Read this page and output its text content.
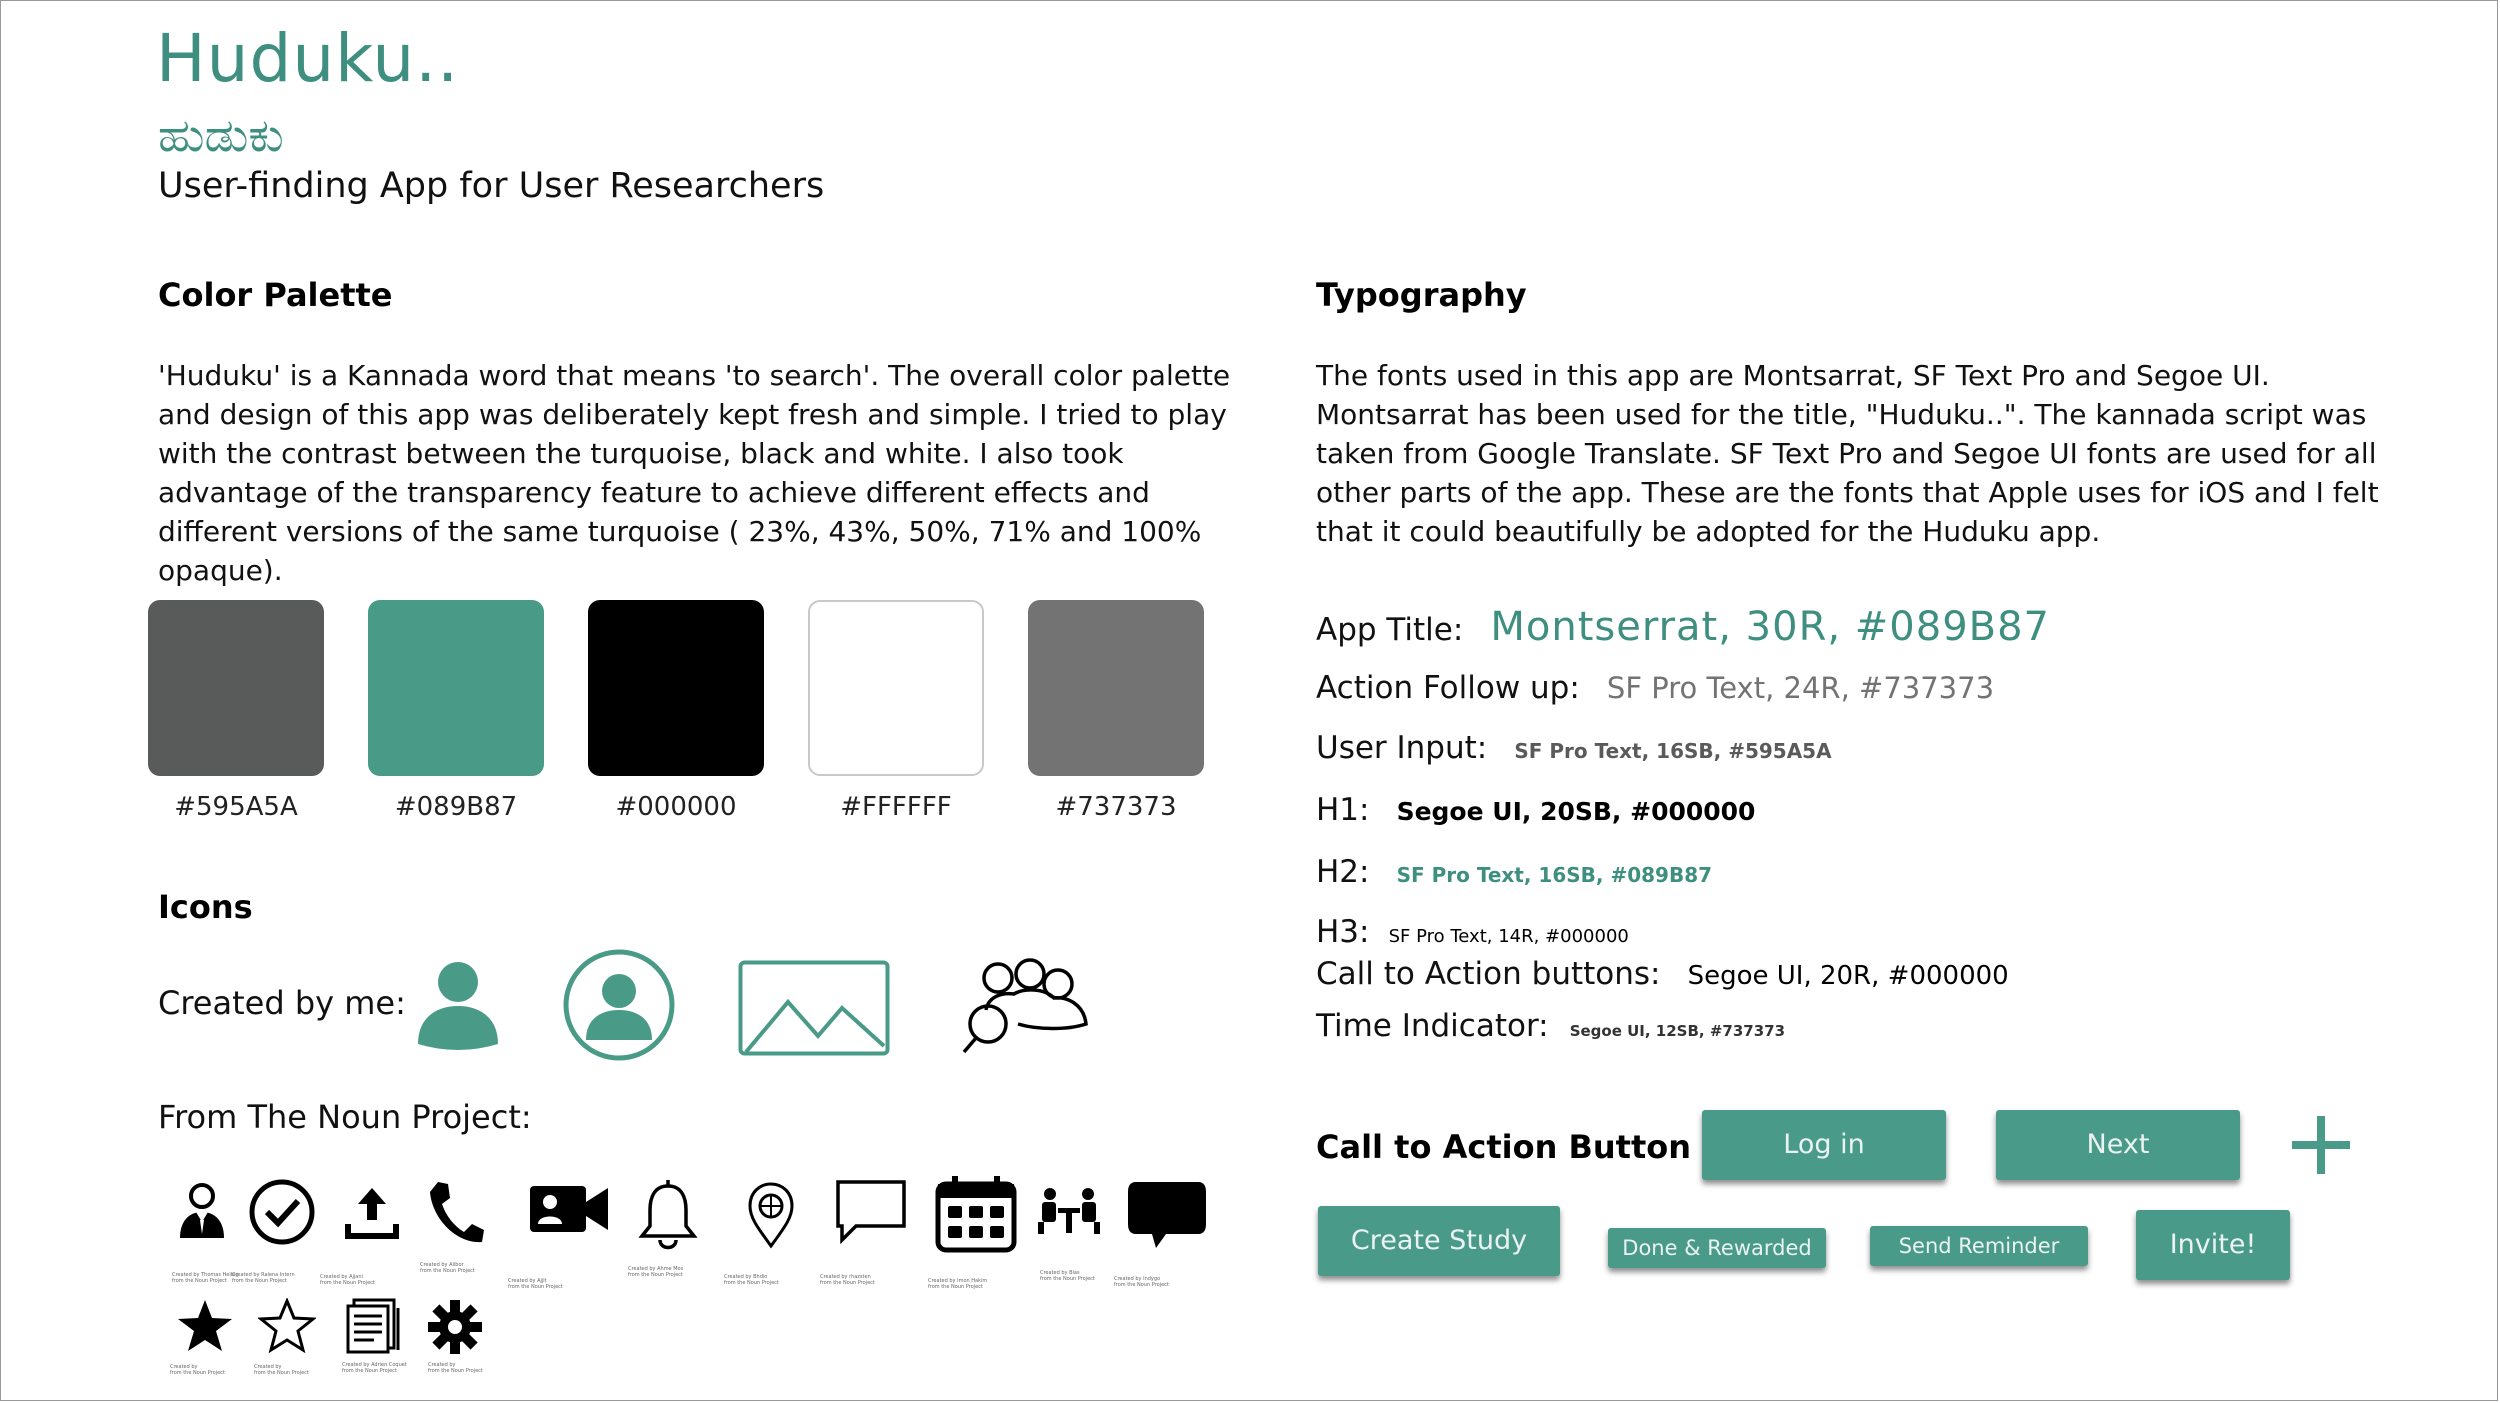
Huduku..
ಹುಡುಕು
User-finding App for User Researchers
Color Palette
'Huduku' is a Kannada word that means 'to search'. The overall color palette and design of this app was deliberately kept fresh and simple. I tried to play with the contrast between the turquoise, black and white. I also took advantage of the transparency feature to achieve different effects and different versions of the same turquoise ( 23%, 43%, 50%, 71% and 100% opaque).
#595A5A	#089B87	#000000	#FFFFFF	#737373
Icons
Created by me:
From The Noun Project:
Created by Thomas Helbig
from the Noun Project
Created by Ralena Intern
from the Noun Project
Created by Ajjani
from the Noun Project
Created by Alibor
from the Noun Project
Created by Ajjit
from the Noun Project
Created by Ahme Mos
from the Noun Project	Created by Bhdio
from the Noun Project
Created by rhazsten
from the Noun Project	Created by Imon Hakim
from the Noun Project
Created by Blas
from the Noun Project	Created by Indygo
from the Noun Project
Created by
from the Noun Project
Created by
from the Noun Project
Created by Adrien Coquet
from the Noun Project
Created by
from the Noun Project
Typography
The fonts used in this app are Montsarrat, SF Text Pro and Segoe UI. Montsarrat has been used for the title, "Huduku..". The kannada script was taken from Google Translate. SF Text Pro and Segoe UI fonts are used for all other parts of the app. These are the fonts that Apple uses for iOS and I felt that it could beautifully be adopted for the Huduku app.
App Title: Montserrat, 30R, #089B87
Action Follow up: SF Pro Text, 24R, #737373
User Input: SF Pro Text, 16SB, #595A5A
H1: Segoe UI, 20SB, #000000
H2: SF Pro Text, 16SB, #089B87
H3: SF Pro Text, 14R, #000000
Call to Action buttons: Segoe UI, 20R, #000000
Time Indicator: Segoe UI, 12SB, #737373
Call to Action Button	Log in	Next
Create Study	Done & Rewarded	Send Reminder	Invite!
